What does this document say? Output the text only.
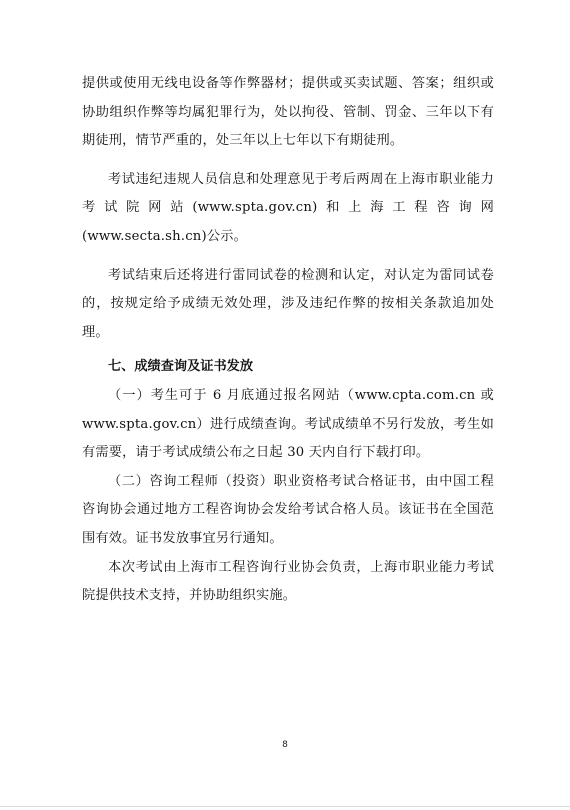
提供或使用无线电设备等作弊器材；提供或买卖试题、答案；组织或协助组织作弊等均属犯罪行为，处以拘役、管制、罚金、三年以下有期徒刑，情节严重的，处三年以上七年以下有期徒刑。

考试违纪违规人员信息和处理意见于考后两周在上海市职业能力考试院网站(www.spta.gov.cn)和上海工程咨询网(www.secta.sh.cn)公示。

考试结束后还将进行雷同试卷的检测和认定，对认定为雷同试卷的，按规定给予成绩无效处理，涉及违纪作弊的按相关条款追加处理。

七、成绩查询及证书发放

（一）考生可于 6 月底通过报名网站（www.cpta.com.cn 或 www.spta.gov.cn）进行成绩查询。考试成绩单不另行发放，考生如有需要，请于考试成绩公布之日起 30 天内自行下载打印。

（二）咨询工程师（投资）职业资格考试合格证书，由中国工程咨询协会通过地方工程咨询协会发给考试合格人员。该证书在全国范围有效。证书发放事宜另行通知。

本次考试由上海市工程咨询行业协会负责，上海市职业能力考试院提供技术支持，并协助组织实施。

8
